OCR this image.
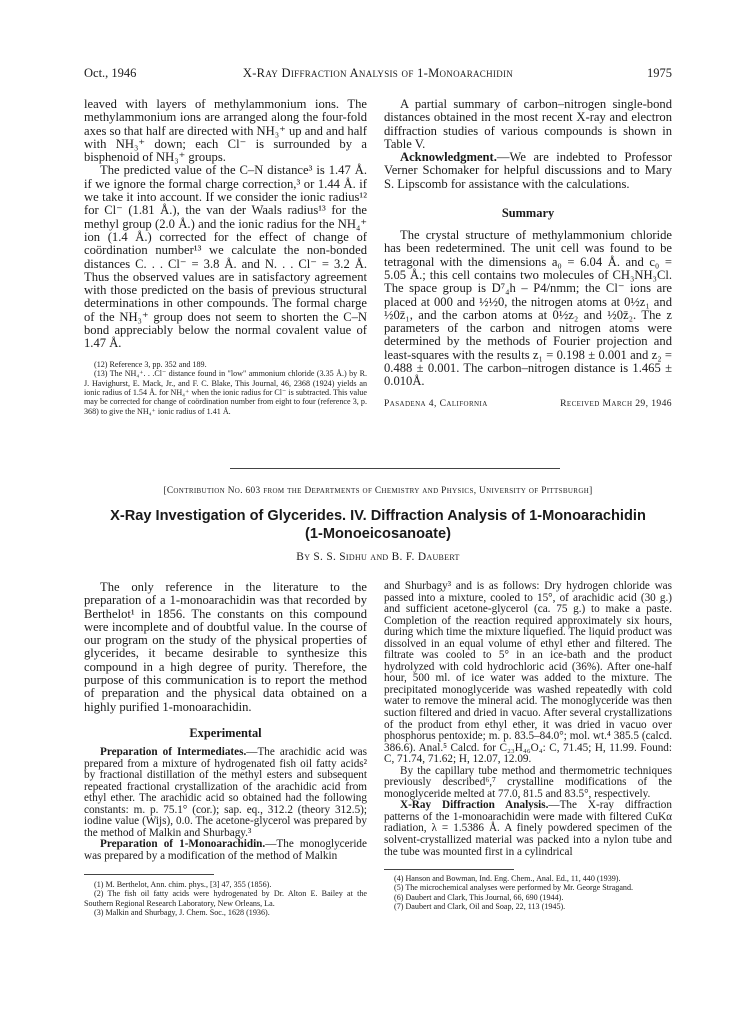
Oct., 1946	X-Ray Diffraction Analysis of 1-Monoarachidin	1975

leaved with layers of methylammonium ions. The methylammonium ions are arranged along the four-fold axes so that half are directed with NH₃⁺ up and and half with NH₃⁺ down; each Cl⁻ is surrounded by a bisphenoid of NH₃⁺ groups.

The predicted value of the C–N distance³ is 1.47 Å. if we ignore the formal charge correction,³ or 1.44 Å. if we take it into account. If we consider the ionic radius¹² for Cl⁻ (1.81 Å.), the van der Waals radius¹³ for the methyl group (2.0 Å.) and the ionic radius for the NH₄⁺ ion (1.4 Å.) corrected for the effect of change of coördination number¹³ we calculate the non-bonded distances C. . . Cl⁻ = 3.8 Å. and N. . . Cl⁻ = 3.2 Å. Thus the observed values are in satisfactory agreement with those predicted on the basis of previous structural determinations in other compounds. The formal charge of the NH₃⁺ group does not seem to shorten the C–N bond appreciably below the normal covalent value of 1.47 Å.

(12) Reference 3, pp. 352 and 189.

(13) The NH₄⁺. . .Cl⁻ distance found in "low" ammonium chloride (3.35 Å.) by R. J. Havighurst, E. Mack, Jr., and F. C. Blake, This Journal, 46, 2368 (1924) yields an ionic radius of 1.54 Å. for NH₄⁺ when the ionic radius for Cl⁻ is subtracted. This value may be corrected for change of coördination number from eight to four (reference 3, p. 368) to give the NH₄⁺ ionic radius of 1.41 Å.

A partial summary of carbon–nitrogen single-bond distances obtained in the most recent X-ray and electron diffraction studies of various compounds is shown in Table V.

Acknowledgment.—We are indebted to Professor Verner Schomaker for helpful discussions and to Mary S. Lipscomb for assistance with the calculations.

Summary

The crystal structure of methylammonium chloride has been redetermined. The unit cell was found to be tetragonal with the dimensions a₀ = 6.04 Å. and c₀ = 5.05 Å.; this cell contains two molecules of CH₃NH₃Cl. The space group is D⁷₄h – P4/nmm; the Cl⁻ ions are placed at 000 and ½½0, the nitrogen atoms at 0½z₁ and ½0z̄₁, and the carbon atoms at 0½z₂ and ½0z̄₂. The z parameters of the carbon and nitrogen atoms were determined by the methods of Fourier projection and least-squares with the results z₁ = 0.198 ± 0.001 and z₂ = 0.488 ± 0.001. The carbon–nitrogen distance is 1.465 ± 0.010Å.

Pasadena 4, California	Received March 29, 1946
[Contribution No. 603 from the Departments of Chemistry and Physics, University of Pittsburgh]
X-Ray Investigation of Glycerides. IV. Diffraction Analysis of 1-Monoarachidin
(1-Monoeicosanoate)
By S. S. Sidhu and B. F. Daubert

The only reference in the literature to the preparation of a 1-monoarachidin was that recorded by Berthelot¹ in 1856. The constants on this compound were incomplete and of doubtful value. In the course of our program on the study of the physical properties of glycerides, it became desirable to synthesize this compound in a high degree of purity. Therefore, the purpose of this communication is to report the method of preparation and the physical data obtained on a highly purified 1-monoarachidin.

Experimental

Preparation of Intermediates.—The arachidic acid was prepared from a mixture of hydrogenated fish oil fatty acids² by fractional distillation of the methyl esters and subsequent repeated fractional crystallization of the arachidic acid from ethyl ether. The arachidic acid so obtained had the following constants: m. p. 75.1° (cor.); sap. eq., 312.2 (theory 312.5); iodine value (Wijs), 0.0. The acetone-glycerol was prepared by the method of Malkin and Shurbagy.³

Preparation of 1-Monoarachidin.—The monoglyceride was prepared by a modification of the method of Malkin

(1) M. Berthelot, Ann. chim. phys., [3] 47, 355 (1856).

(2) The fish oil fatty acids were hydrogenated by Dr. Alton E. Bailey at the Southern Regional Research Laboratory, New Orleans, La.

(3) Malkin and Shurbagy, J. Chem. Soc., 1628 (1936).

and Shurbagy³ and is as follows: Dry hydrogen chloride was passed into a mixture, cooled to 15°, of arachidic acid (30 g.) and sufficient acetone-glycerol (ca. 75 g.) to make a paste. Completion of the reaction required approximately six hours, during which time the mixture liquefied. The liquid product was dissolved in an equal volume of ethyl ether and filtered. The filtrate was cooled to 5° in an ice-bath and the product hydrolyzed with cold hydrochloric acid (36%). After one-half hour, 500 ml. of ice water was added to the mixture. The precipitated monoglyceride was washed repeatedly with cold water to remove the mineral acid. The monoglyceride was then suction filtered and dried in vacuo. After several crystallizations of the product from ethyl ether, it was dried in vacuo over phosphorus pentoxide; m. p. 83.5–84.0°; mol. wt.⁴ 385.5 (calcd. 386.6). Anal.⁵ Calcd. for C₂₃H₄₆O₄: C, 71.45; H, 11.99. Found: C, 71.74, 71.62; H, 12.07, 12.09.

By the capillary tube method and thermometric techniques previously described⁶,⁷ crystalline modifications of the monoglyceride melted at 77.0, 81.5 and 83.5°, respectively.

X-Ray Diffraction Analysis.—The X-ray diffraction patterns of the 1-monoarachidin were made with filtered CuKα radiation, λ = 1.5386 Å. A finely powdered specimen of the solvent-crystallized material was packed into a nylon tube and the tube was mounted first in a cylindrical

(4) Hanson and Bowman, Ind. Eng. Chem., Anal. Ed., 11, 440 (1939).

(5) The microchemical analyses were performed by Mr. George Stragand.

(6) Daubert and Clark, This Journal, 66, 690 (1944).

(7) Daubert and Clark, Oil and Soap, 22, 113 (1945).
